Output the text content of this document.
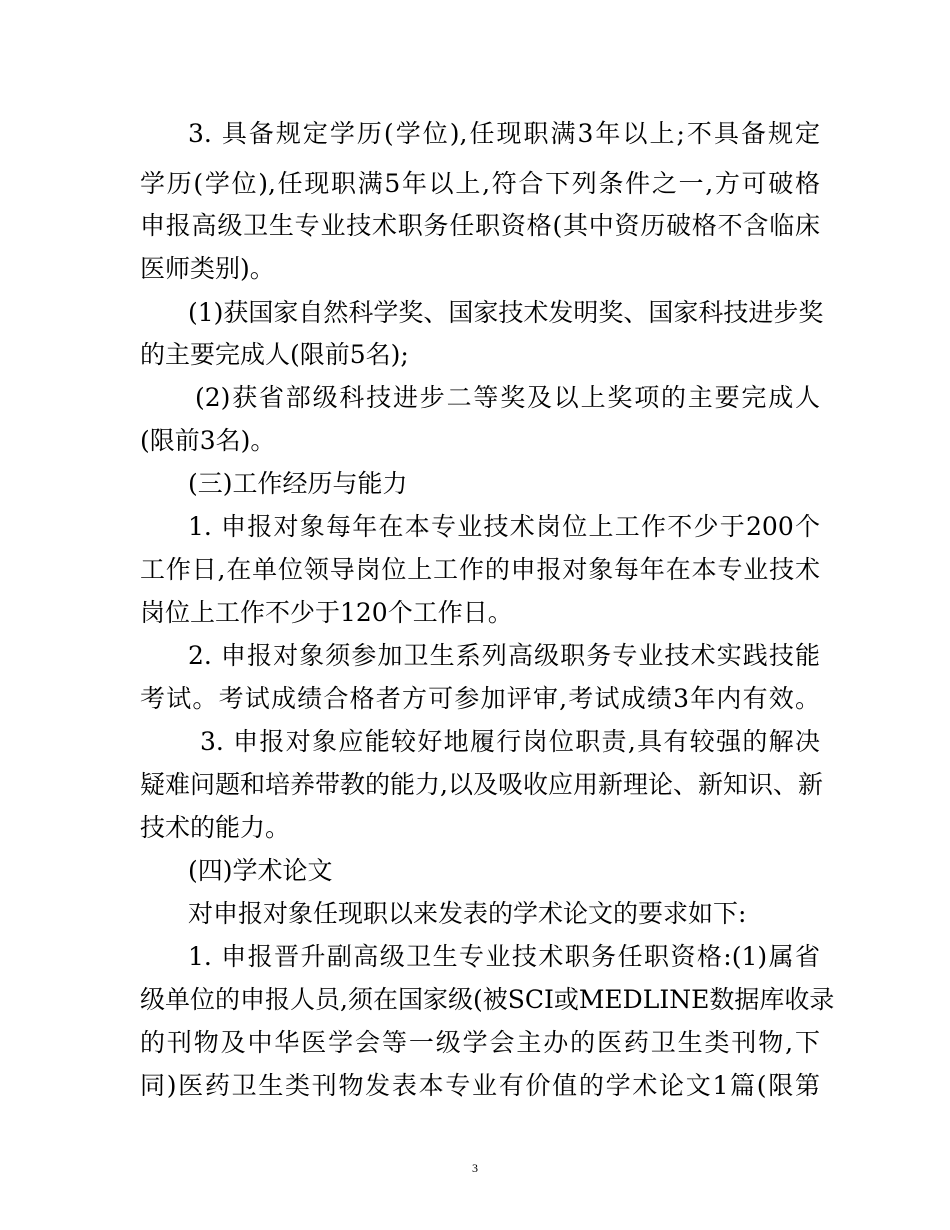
3. 具备规定学历(学位),任现职满3年以上;不具备规定
学历(学位),任现职满5年以上,符合下列条件之一,方可破格
申报高级卫生专业技术职务任职资格(其中资历破格不含临床
医师类别)。
(1)获国家自然科学奖、国家技术发明奖、国家科技进步奖
的主要完成人(限前5名);
(2)获省部级科技进步二等奖及以上奖项的主要完成人
(限前3名)。
(三)工作经历与能力
1. 申报对象每年在本专业技术岗位上工作不少于200个
工作日,在单位领导岗位上工作的申报对象每年在本专业技术
岗位上工作不少于120个工作日。
2. 申报对象须参加卫生系列高级职务专业技术实践技能
考试。考试成绩合格者方可参加评审,考试成绩3年内有效。
3. 申报对象应能较好地履行岗位职责,具有较强的解决
疑难问题和培养带教的能力,以及吸收应用新理论、新知识、新
技术的能力。
(四)学术论文
对申报对象任现职以来发表的学术论文的要求如下:
1. 申报晋升副高级卫生专业技术职务任职资格:(1)属省
级单位的申报人员,须在国家级(被SCI或MEDLINE数据库收录
的刊物及中华医学会等一级学会主办的医药卫生类刊物,下
同)医药卫生类刊物发表本专业有价值的学术论文1篇(限第
3
